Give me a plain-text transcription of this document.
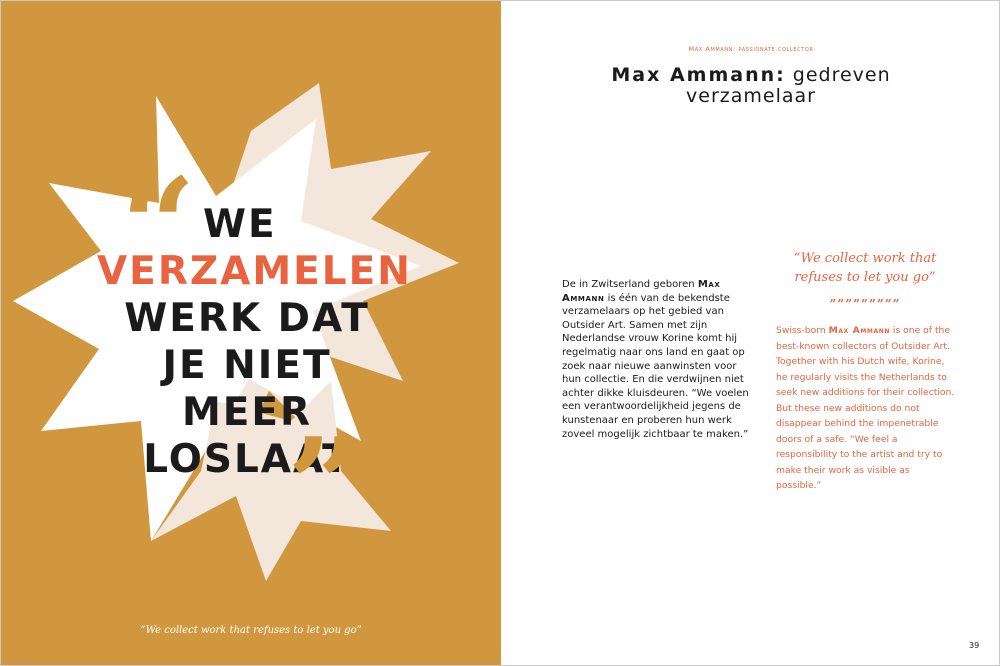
“ WE
VERZAMELEN
WERK DAT
JE NIET MEER
LOSLAAT
”
“We collect work that refuses to let you go”
Max Ammann: passionate collector
Max Ammann: gedreven
verzamelaar
De in Zwitserland geboren Max Ammann is één van de bekendste verzamelaars op het gebied van Outsider Art. Samen met zijn Nederlandse vrouw Korine komt hij regelmatig naar ons land en gaat op zoek naar nieuwe aanwinsten voor hun collectie. En die verdwijnen niet achter dikke kluisdeuren. “We voelen een verantwoordelijkheid jegens de kunstenaar en proberen hun werk zoveel mogelijk zichtbaar te maken.”
“We collect work that refuses to let you go”
”””””””””
Swiss-born Max Ammann is one of the best-known collectors of Outsider Art. Together with his Dutch wife, Korine, he regularly visits the Netherlands to seek new additions for their collection. But these new additions do not disappear behind the impenetrable doors of a safe. “We feel a responsibility to the artist and try to make their work as visible as possible.”
39
